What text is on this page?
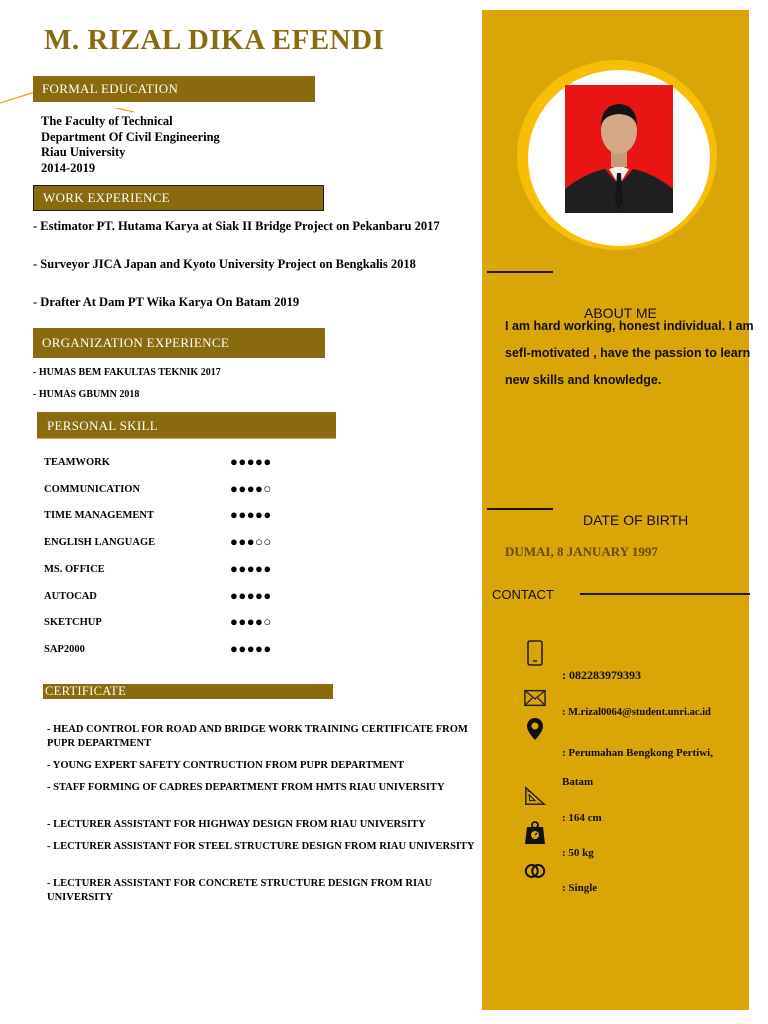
ABOUT ME
I am hard working, honest individual. I am sefl-motivated , have the passion to learn new skills and knowledge.
DATE OF BIRTH
DUMAI, 8 JANUARY 1997
CONTACT
: 082283979393
: M.rizal0064@student.unri.ac.id
: Perumahan Bengkong Pertiwi,
Batam
: 164 cm
: 50 kg
: Single
M. RIZAL DIKA EFENDI
FORMAL EDUCATION
The Faculty of Technical
Department Of Civil Engineering
Riau University
2014-2019
WORK EXPERIENCE
- Estimator PT. Hutama Karya at Siak II Bridge Project on Pekanbaru 2017
- Surveyor JICA Japan and Kyoto University Project on Bengkalis 2018
- Drafter At Dam PT Wika Karya On Batam 2019
ORGANIZATION EXPERIENCE
- HUMAS BEM FAKULTAS TEKNIK 2017
- HUMAS GBUMN 2018
PERSONAL SKILL
TEAMWORK	●●●●●
COMMUNICATION	●●●●○
TIME MANAGEMENT	●●●●●
ENGLISH LANGUAGE	●●●○○
MS. OFFICE	●●●●●
AUTOCAD	●●●●●
SKETCHUP	●●●●○
SAP2000	●●●●●
CERTIFICATE
- HEAD CONTROL FOR ROAD AND BRIDGE WORK TRAINING CERTIFICATE FROM PUPR DEPARTMENT
- YOUNG EXPERT SAFETY CONTRUCTION FROM PUPR DEPARTMENT
- STAFF FORMING OF CADRES DEPARTMENT FROM HMTS RIAU UNIVERSITY
- LECTURER ASSISTANT FOR HIGHWAY DESIGN FROM RIAU UNIVERSITY
- LECTURER ASSISTANT FOR STEEL STRUCTURE DESIGN FROM RIAU UNIVERSITY
- LECTURER ASSISTANT FOR CONCRETE STRUCTURE DESIGN FROM RIAU UNIVERSITY
